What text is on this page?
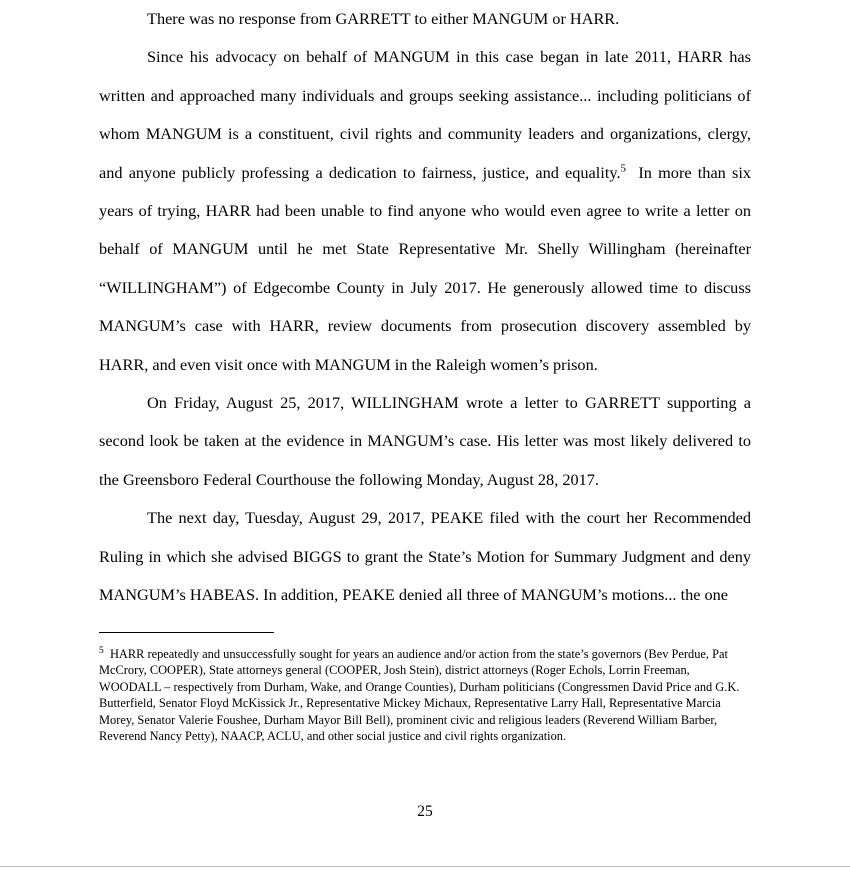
There was no response from GARRETT to either MANGUM or HARR.

Since his advocacy on behalf of MANGUM in this case began in late 2011, HARR has written and approached many individuals and groups seeking assistance... including politicians of whom MANGUM is a constituent, civil rights and community leaders and organizations, clergy, and anyone publicly professing a dedication to fairness, justice, and equality.$^5$ In more than six years of trying, HARR had been unable to find anyone who would even agree to write a letter on behalf of MANGUM until he met State Representative Mr. Shelly Willingham (hereinafter “WILLINGHAM”) of Edgecombe County in July 2017. He generously allowed time to discuss MANGUM’s case with HARR, review documents from prosecution discovery assembled by HARR, and even visit once with MANGUM in the Raleigh women’s prison.

On Friday, August 25, 2017, WILLINGHAM wrote a letter to GARRETT supporting a second look be taken at the evidence in MANGUM’s case. His letter was most likely delivered to the Greensboro Federal Courthouse the following Monday, August 28, 2017.

The next day, Tuesday, August 29, 2017, PEAKE filed with the court her Recommended Ruling in which she advised BIGGS to grant the State’s Motion for Summary Judgment and deny MANGUM’s HABEAS. In addition, PEAKE denied all three of MANGUM’s motions... the one

$^5$ HARR repeatedly and unsuccessfully sought for years an audience and/or action from the state’s governors (Bev Perdue, Pat McCrory, COOPER), State attorneys general (COOPER, Josh Stein), district attorneys (Roger Echols, Lorrin Freeman, WOODALL – respectively from Durham, Wake, and Orange Counties), Durham politicians (Congressmen David Price and G.K. Butterfield, Senator Floyd McKissick Jr., Representative Mickey Michaux, Representative Larry Hall, Representative Marcia Morey, Senator Valerie Foushee, Durham Mayor Bill Bell), prominent civic and religious leaders (Reverend William Barber, Reverend Nancy Petty), NAACP, ACLU, and other social justice and civil rights organization.
25
